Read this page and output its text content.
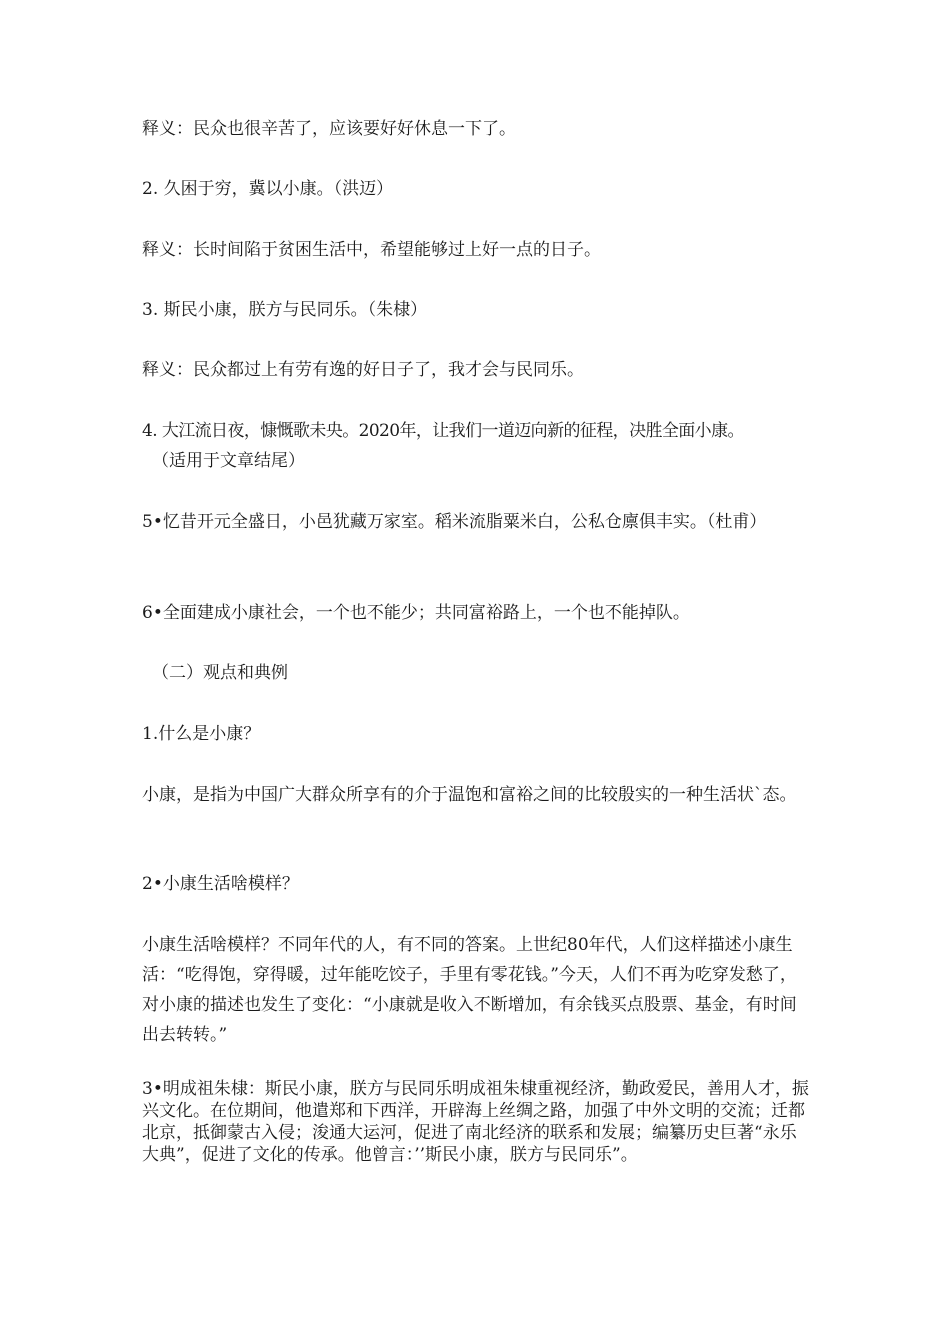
释义：民众也很辛苦了，应该要好好休息一下了。

2. 久困于穷，冀以小康。（洪迈）

释义：长时间陷于贫困生活中，希望能够过上好一点的日子。

3. 斯民小康，朕方与民同乐。（朱棣）

释义：民众都过上有劳有逸的好日子了，我才会与民同乐。

4. 大江流日夜，慷慨歌未央。2020年，让我们一道迈向新的征程，决胜全面小康。

（适用于文章结尾）

5•忆昔开元全盛日，小邑犹藏万家室。稻米流脂粟米白，公私仓廪俱丰实。（杜甫）

6•全面建成小康社会，一个也不能少；共同富裕路上，一个也不能掉队。

（二）观点和典例

1.什么是小康？

小康，是指为中国广大群众所享有的介于温饱和富裕之间的比较殷实的一种生活状`态。

2•小康生活啥模样？

小康生活啥模样？不同年代的人，有不同的答案。上世纪80年代，人们这样描述小康生活：“吃得饱，穿得暖，过年能吃饺子，手里有零花钱。”今天，人们不再为吃穿发愁了，对小康的描述也发生了变化：“小康就是收入不断增加，有余钱买点股票、基金，有时间出去转转。”

3•明成祖朱棣：斯民小康，朕方与民同乐明成祖朱棣重视经济，勤政爱民，善用人才，振兴文化。在位期间，他遣郑和下西洋，开辟海上丝绸之路，加强了中外文明的交流；迁都北京，抵御蒙古入侵；浚通大运河，促进了南北经济的联系和发展；编纂历史巨著“永乐大典”，促进了文化的传承。他曾言：’’斯民小康，朕方与民同乐”。
